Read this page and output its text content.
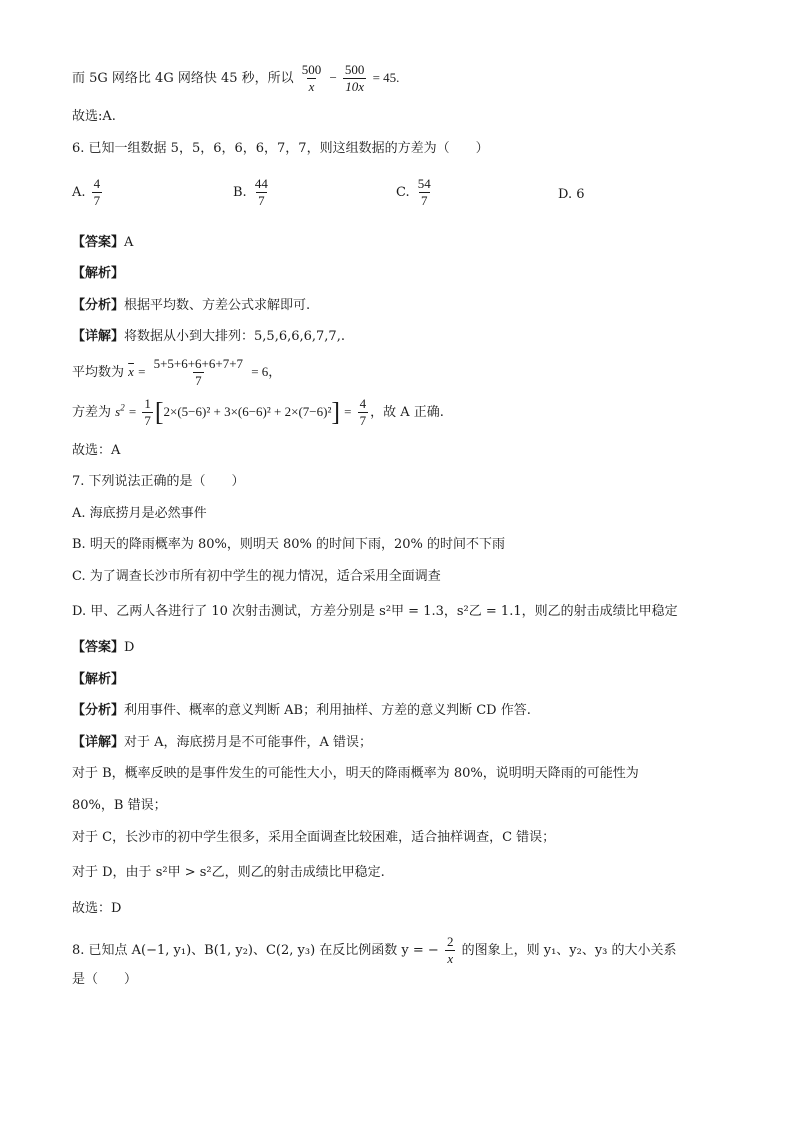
而 5G 网络比 4G 网络快 45 秒，所以 $\frac{500}{x} - \frac{500}{10x} = 45$.
故选:A.
6. 已知一组数据 5，5，6，6，6，7，7，则这组数据的方差为（　　）
A. $\frac{4}{7}$	B. $\frac{44}{7}$	C. $\frac{54}{7}$	D. 6
【答案】A
【解析】
【分析】根据平均数、方差公式求解即可.
【详解】将数据从小到大排列：5,5,6,6,6,7,7,.
平均数为 $\overline{x} = \frac{5+5+6+6+6+7+7}{7} = 6$，
方差为 $s^2 = \frac{1}{7} [2\times(5-6)^2 + 3\times(6-6)^2 + 2\times(7-6)^2] = \frac{4}{7}$ ，故 A 正确.
故选：A
7. 下列说法正确的是（　　）
A. 海底捞月是必然事件
B. 明天的降雨概率为 80%，则明天 80% 的时间下雨，20% 的时间不下雨
C. 为了调查长沙市所有初中学生的视力情况，适合采用全面调查
D. 甲、乙两人各进行了 10 次射击测试，方差分别是 s²甲 = 1.3，s²乙 = 1.1，则乙的射击成绩比甲稳定
【答案】D
【解析】
【分析】利用事件、概率的意义判断 AB；利用抽样、方差的意义判断 CD 作答.
【详解】对于 A，海底捞月是不可能事件，A 错误；
对于 B，概率反映的是事件发生的可能性大小，明天的降雨概率为 80%，说明明天降雨的可能性为
80%，B 错误；
对于 C，长沙市的初中学生很多，采用全面调查比较困难，适合抽样调查，C 错误；
对于 D，由于 s²甲 > s²乙，则乙的射击成绩比甲稳定.
故选：D
8. 已知点 A(−1, y₁)、B(1, y₂)、C(2, y₃) 在反比例函数 y = − $\frac{2}{x}$ 的图象上，则 y₁、y₂、y₃ 的大小关系
是（　　）
